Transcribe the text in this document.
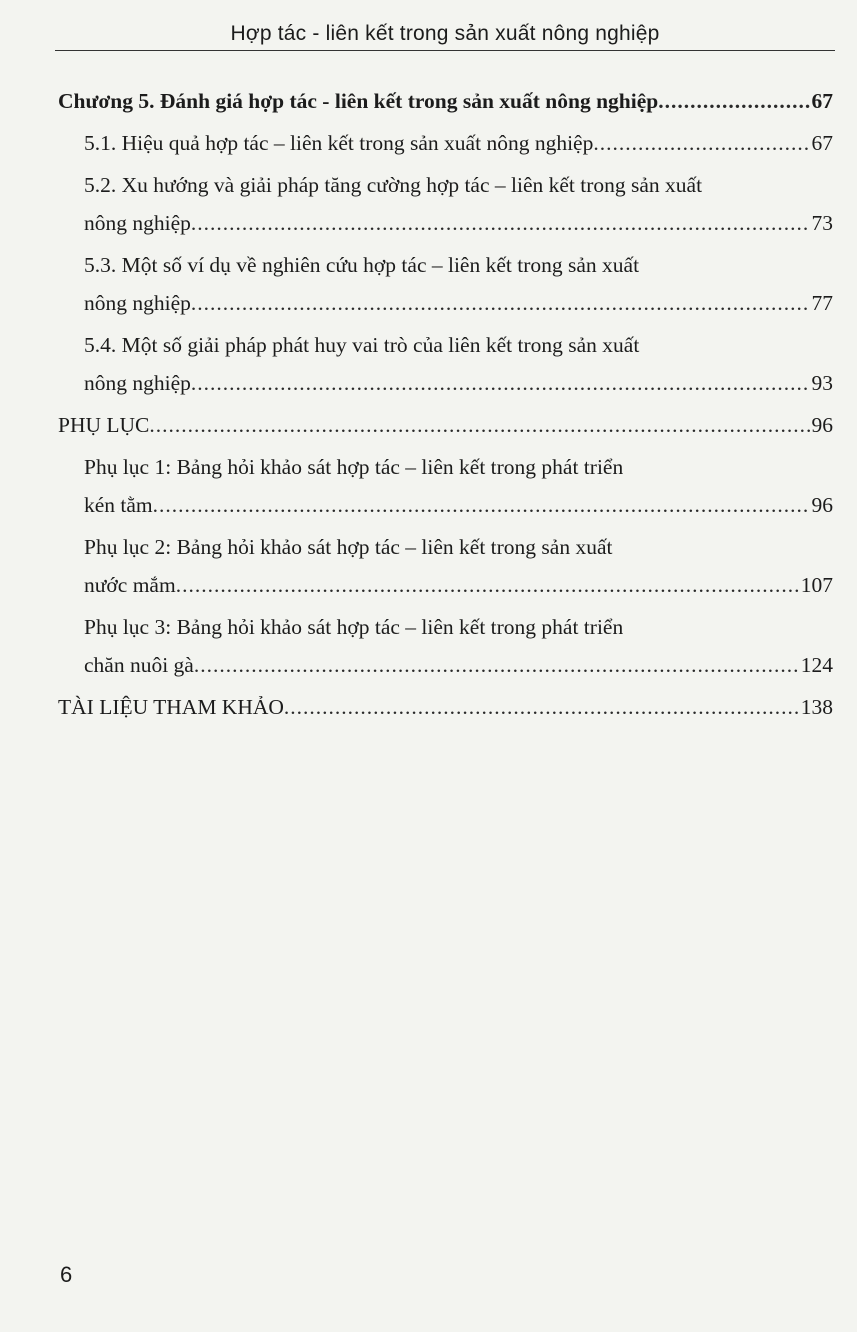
Hợp tác - liên kết trong sản xuất nông nghiệp
Chương 5. Đánh giá hợp tác - liên kết trong sản xuất nông nghiệp .....	67
5.1. Hiệu quả hợp tác – liên kết trong sản xuất nông nghiệp .....	67
5.2. Xu hướng và giải pháp tăng cường hợp tác – liên kết trong sản xuất
nông nghiệp .....	73
5.3. Một số ví dụ về nghiên cứu hợp tác – liên kết trong sản xuất
nông nghiệp .....	77
5.4. Một số giải pháp phát huy vai trò của liên kết trong sản xuất
nông nghiệp .....	93
PHỤ LỤC .....	96
Phụ lục 1: Bảng hỏi khảo sát hợp tác – liên kết trong phát triển
kén tằm .....	96
Phụ lục 2: Bảng hỏi khảo sát hợp tác – liên kết trong sản xuất
nước mắm .....	107
Phụ lục 3: Bảng hỏi khảo sát hợp tác – liên kết trong phát triển
chăn nuôi gà .....	124
TÀI LIỆU THAM KHẢO .....	138
6
